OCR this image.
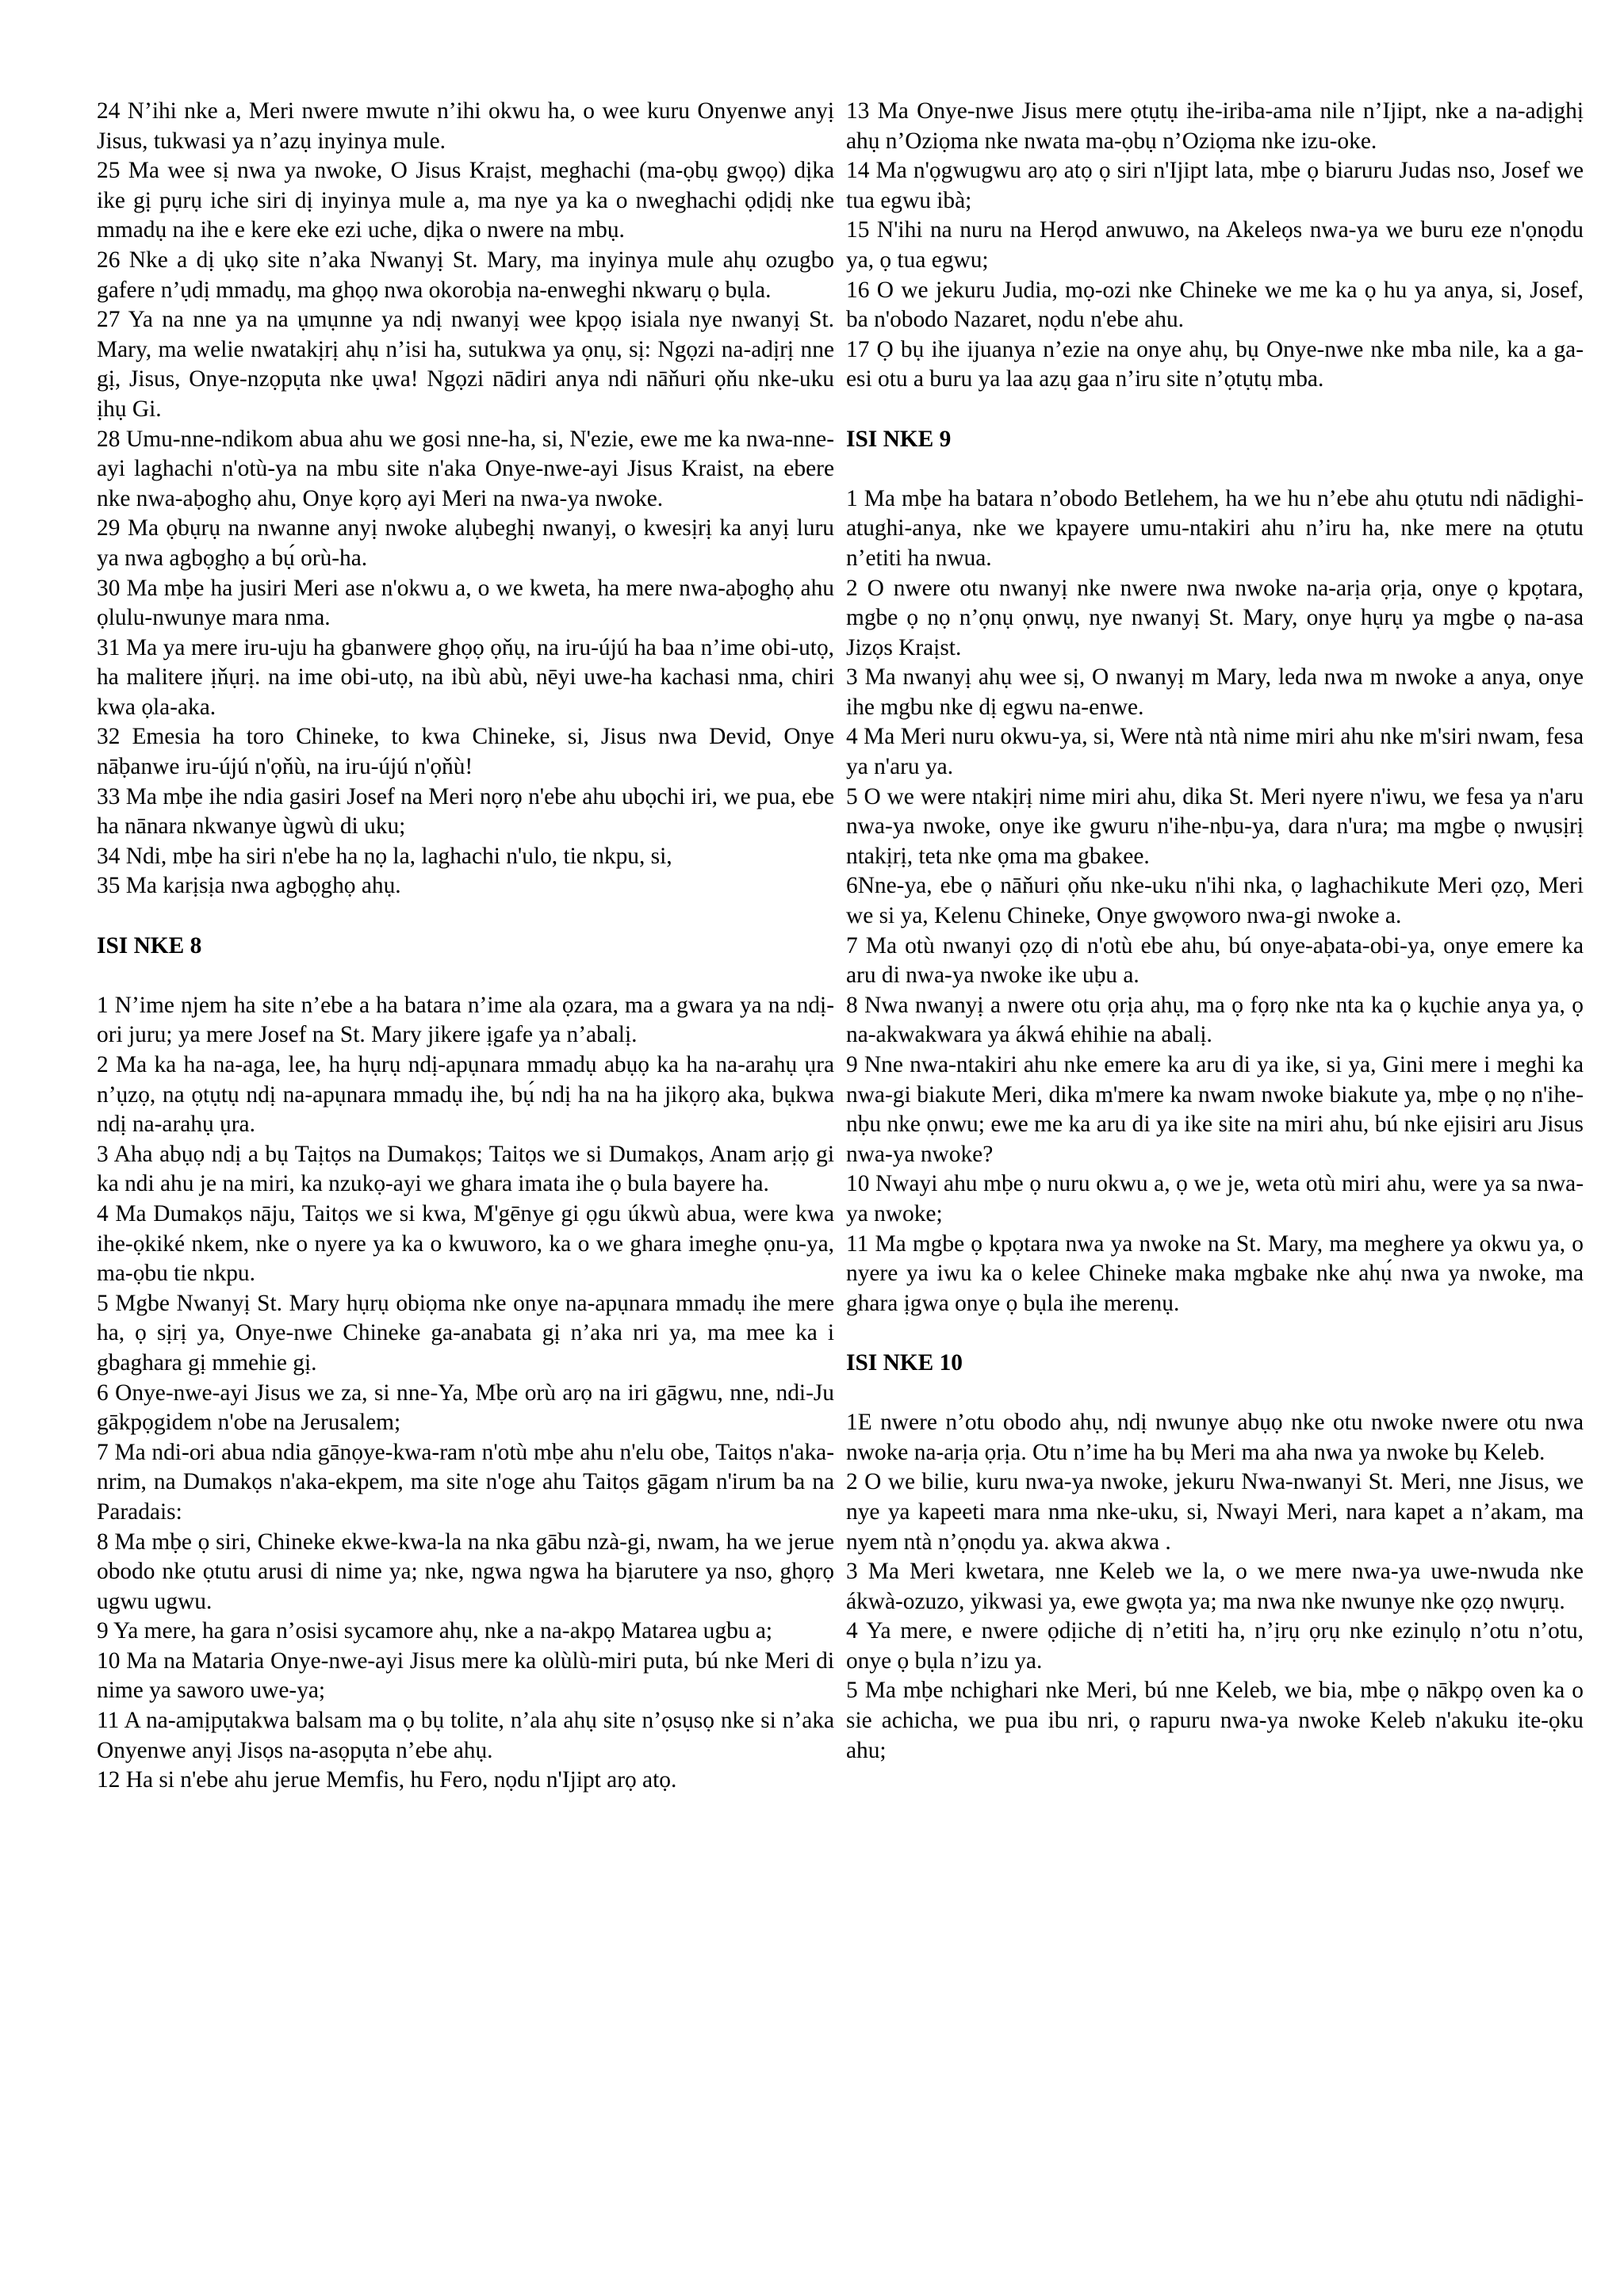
24 N’ihi nke a, Meri nwere mwute n’ihi okwu ha, o wee kuru Onyenwe anyị Jisus, tukwasi ya n’azụ inyinya mule.

25 Ma wee sị nwa ya nwoke, O Jisus Kraịst, meghachi (ma-ọbụ gwọọ) dịka ike gị pụrụ iche siri dị inyinya mule a, ma nye ya ka o nweghachi ọdịdị nke mmadụ na ihe e kere eke ezi uche, dịka o nwere na mbụ.

26 Nke a dị ụkọ site n’aka Nwanyị St. Mary, ma inyinya mule ahụ ozugbo gafere n’ụdị mmadụ, ma ghọọ nwa okorobịa na-enweghi nkwarụ ọ bụla.

27 Ya na nne ya na ụmụnne ya ndị nwanyị wee kpọọ isiala nye nwanyị St. Mary, ma welie nwatakịrị ahụ n’isi ha, sutukwa ya ọnụ, sị: Ngọzi na-adịrị nne gị, Jisus, Onye-nzọpụta nke ụwa! Ngọzi nādiri anya ndi nāňuri ọňu nke-uku ịhụ Gi.

28 Umu-nne-ndikom abua ahu we gosi nne-ha, si, N'ezie, ewe me ka nwa-nne-ayi laghachi n'otù-ya na mbu site n'aka Onye-nwe-ayi Jisus Kraist, na ebere nke nwa-aḅoghọ ahu, Onye kọrọ ayi Meri na nwa-ya nwoke.

29 Ma ọbụrụ na nwanne anyị nwoke alụbeghị nwanyị, o kwesịrị ka anyị luru ya nwa agbọghọ a bụ́ orù-ha.

30 Ma mḅe ha jusiri Meri ase n'okwu a, o we kweta, ha mere nwa-aḅoghọ ahu ọlulu-nwunye mara nma.

31 Ma ya mere iru-uju ha gbanwere ghọọ ọňụ, na iru-újú ha baa n’ime obi-utọ, ha malitere ịňụrị. na ime obi-utọ, na ibù abù, nēyi uwe-ha kachasi nma, chiri kwa ọla-aka.

32 Emesia ha toro Chineke, to kwa Chineke, si, Jisus nwa Devid, Onye nāḅanwe iru-újú n'ọňù, na iru-újú n'ọňù!

33 Ma mḅe ihe ndia gasiri Josef na Meri nọrọ n'ebe ahu ubọchi iri, we pua, ebe ha nānara nkwanye ùgwù di uku;

34 Ndi, mḅe ha siri n'ebe ha nọ la, laghachi n'ulo, tie nkpu, si,

35 Ma karịsịa nwa agbọghọ ahụ.

ISI NKE 8

1 N’ime njem ha site n’ebe a ha batara n’ime ala ọzara, ma a gwara ya na ndị-ori juru; ya mere Josef na St. Mary jikere ịgafe ya n’abalị.

2 Ma ka ha na-aga, lee, ha hụrụ ndị-apụnara mmadụ abụọ ka ha na-arahụ ụra n’ụzọ, na ọtụtụ ndị na-apụnara mmadụ ihe, bụ́ ndị ha na ha jikọrọ aka, bụkwa ndị na-arahụ ụra.

3 Aha abụọ ndị a bụ Taịtọs na Dumakọs; Taitọs we si Dumakọs, Anam arịọ gi ka ndi ahu je na miri, ka nzukọ-ayi we ghara imata ihe ọ bula bayere ha.

4 Ma Dumakọs nāju, Taitọs we si kwa, M'gēnye gi ọgu úkwù abua, were kwa ihe-ọkiké nkem, nke o nyere ya ka o kwuworo, ka o we ghara imeghe ọnu-ya, ma-ọbu tie nkpu.

5 Mgbe Nwanyị St. Mary hụrụ obiọma nke onye na-apụnara mmadụ ihe mere ha, ọ sịrị ya, Onye-nwe Chineke ga-anabata gị n’aka nri ya, ma mee ka i gbaghara gị mmehie gị.

6 Onye-nwe-ayi Jisus we za, si nne-Ya, Mḅe orù arọ na iri gāgwu, nne, ndi-Ju gākpọgidem n'obe na Jerusalem;

7 Ma ndi-ori abua ndia gānọye-kwa-ram n'otù mḅe ahu n'elu obe, Taitọs n'aka-nrim, na Dumakọs n'aka-ekpem, ma site n'oge ahu Taitọs gāgam n'irum ba na Paradais:

8 Ma mḅe ọ siri, Chineke ekwe-kwa-la na nka gābu nzà-gi, nwam, ha we jerue obodo nke ọtutu arusi di nime ya; nke, ngwa ngwa ha bịarutere ya nso, ghọrọ ugwu ugwu.

9 Ya mere, ha gara n’osisi sycamore ahụ, nke a na-akpọ Matarea ugbu a;

10 Ma na Mataria Onye-nwe-ayi Jisus mere ka olùlù-miri puta, bú nke Meri di nime ya saworo uwe-ya;

11 A na-amịpụtakwa balsam ma ọ bụ tolite, n’ala ahụ site n’ọsụsọ nke si n’aka Onyenwe anyị Jisọs na-asọpụta n’ebe ahụ.

12 Ha si n'ebe ahu jerue Memfis, hu Fero, nọdu n'Ijipt arọ atọ.

13 Ma Onye-nwe Jisus mere ọtụtụ ihe-iriba-ama nile n’Ijipt, nke a na-adịghị ahụ n’Oziọma nke nwata ma-ọbụ n’Oziọma nke izu-oke.

14 Ma n'ọgwugwu arọ atọ ọ siri n'Ijipt lata, mḅe ọ biaruru Judas nso, Josef we tua egwu ibà;

15 N'ihi na nuru na Herọd anwuwo, na Akeleọs nwa-ya we buru eze n'ọnọdu ya, ọ tua egwu;

16 O we jekuru Judia, mọ-ozi nke Chineke we me ka ọ hu ya anya, si, Josef, ba n'obodo Nazaret, nọdu n'ebe ahu.

17 Ọ bụ ihe ijuanya n’ezie na onye ahụ, bụ Onye-nwe nke mba nile, ka a ga-esi otu a buru ya laa azụ gaa n’iru site n’ọtụtụ mba.

ISI NKE 9

1 Ma mḅe ha batara n’obodo Betlehem, ha we hu n’ebe ahu ọtutu ndi nādighi-atughi-anya, nke we kpayere umu-ntakiri ahu n’iru ha, nke mere na ọtutu n’etiti ha nwua.

2 O nwere otu nwanyị nke nwere nwa nwoke na-arịa ọrịa, onye ọ kpọtara, mgbe ọ nọ n’ọnụ ọnwụ, nye nwanyị St. Mary, onye hụrụ ya mgbe ọ na-asa Jizọs Kraịst.

3 Ma nwanyị ahụ wee sị, O nwanyị m Mary, leda nwa m nwoke a anya, onye ihe mgbu nke dị egwu na-enwe.

4 Ma Meri nuru okwu-ya, si, Were ntà ntà nime miri ahu nke m'siri nwam, fesa ya n'aru ya.

5 O we were ntakịrị nime miri ahu, dika St. Meri nyere n'iwu, we fesa ya n'aru nwa-ya nwoke, onye ike gwuru n'ihe-nḅu-ya, dara n'ura; ma mgbe ọ nwụsịrị ntakịrị, teta nke ọma ma gbakee.

6Nne-ya, ebe ọ nāňuri ọňu nke-uku n'ihi nka, ọ laghachikute Meri ọzọ, Meri we si ya, Kelenu Chineke, Onye gwọworo nwa-gi nwoke a.

7 Ma otù nwanyi ọzọ di n'otù ebe ahu, bú onye-aḅata-obi-ya, onye emere ka aru di nwa-ya nwoke ike uḅu a.

8 Nwa nwanyị a nwere otu ọrịa ahụ, ma ọ fọrọ nke nta ka ọ kụchie anya ya, ọ na-akwakwara ya ákwá ehihie na abalị.

9 Nne nwa-ntakiri ahu nke emere ka aru di ya ike, si ya, Gini mere i meghi ka nwa-gi biakute Meri, dika m'mere ka nwam nwoke biakute ya, mḅe ọ nọ n'ihe-nḅu nke ọnwu; ewe me ka aru di ya ike site na miri ahu, bú nke ejisiri aru Jisus nwa-ya nwoke?

10 Nwayi ahu mḅe ọ nuru okwu a, ọ we je, weta otù miri ahu, were ya sa nwa-ya nwoke;

11 Ma mgbe ọ kpọtara nwa ya nwoke na St. Mary, ma meghere ya okwu ya, o nyere ya iwu ka o kelee Chineke maka mgbake nke ahụ́ nwa ya nwoke, ma ghara ịgwa onye ọ bụla ihe merenụ.

ISI NKE 10

1E nwere n’otu obodo ahụ, ndị nwunye abụọ nke otu nwoke nwere otu nwa nwoke na-arịa ọrịa. Otu n’ime ha bụ Meri ma aha nwa ya nwoke bụ Keleb.

2 O we bilie, kuru nwa-ya nwoke, jekuru Nwa-nwanyi St. Meri, nne Jisus, we nye ya kapeeti mara nma nke-uku, si, Nwayi Meri, nara kapet a n’akam, ma nyem ntà n’ọnọdu ya. akwa akwa .

3 Ma Meri kwetara, nne Keleb we la, o we mere nwa-ya uwe-nwuda nke ákwà-ozuzo, yikwasi ya, ewe gwọta ya; ma nwa nke nwunye nke ọzọ nwụrụ.

4 Ya mere, e nwere ọdịiche dị n’etiti ha, n’ịrụ ọrụ nke ezinụlọ n’otu n’otu, onye ọ bụla n’izu ya.

5 Ma mḅe nchighari nke Meri, bú nne Keleb, we bia, mḅe ọ nākpọ oven ka o sie achicha, we pua ibu nri, ọ rapuru nwa-ya nwoke Keleb n'akuku ite-ọku ahu;
